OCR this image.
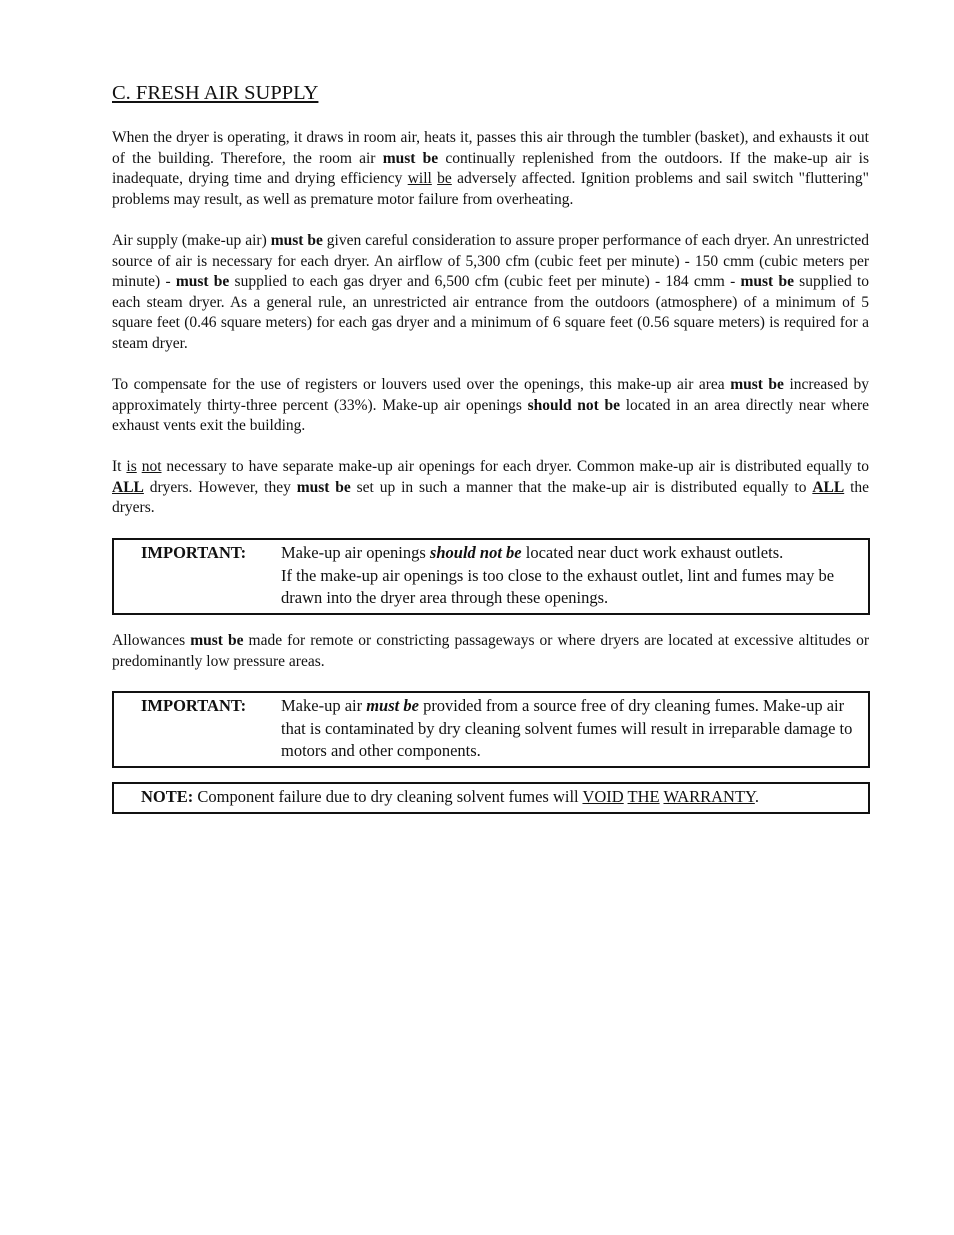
C. FRESH AIR SUPPLY

When the dryer is operating, it draws in room air, heats it, passes this air through the tumbler (basket), and exhausts it out of the building. Therefore, the room air must be continually replenished from the outdoors. If the make-up air is inadequate, drying time and drying efficiency will be adversely affected. Ignition problems and sail switch "fluttering" problems may result, as well as premature motor failure from overheating.

Air supply (make-up air) must be given careful consideration to assure proper performance of each dryer. An unrestricted source of air is necessary for each dryer. An airflow of 5,300 cfm (cubic feet per minute) - 150 cmm (cubic meters per minute) - must be supplied to each gas dryer and 6,500 cfm (cubic feet per minute) - 184 cmm - must be supplied to each steam dryer. As a general rule, an unrestricted air entrance from the outdoors (atmosphere) of a minimum of 5 square feet (0.46 square meters) for each gas dryer and a minimum of 6 square feet (0.56 square meters) is required for a steam dryer.

To compensate for the use of registers or louvers used over the openings, this make-up air area must be increased by approximately thirty-three percent (33%). Make-up air openings should not be located in an area directly near where exhaust vents exit the building.

It is not necessary to have separate make-up air openings for each dryer. Common make-up air is distributed equally to ALL dryers. However, they must be set up in such a manner that the make-up air is distributed equally to ALL the dryers.

IMPORTANT: Make-up air openings should not be located near duct work exhaust outlets.
If the make-up air openings is too close to the exhaust outlet, lint and fumes may be drawn into the dryer area through these openings.

Allowances must be made for remote or constricting passageways or where dryers are located at excessive altitudes or predominantly low pressure areas.

IMPORTANT: Make-up air must be provided from a source free of dry cleaning fumes. Make-up air that is contaminated by dry cleaning solvent fumes will result in irreparable damage to motors and other components.

NOTE: Component failure due to dry cleaning solvent fumes will VOID THE WARRANTY.
